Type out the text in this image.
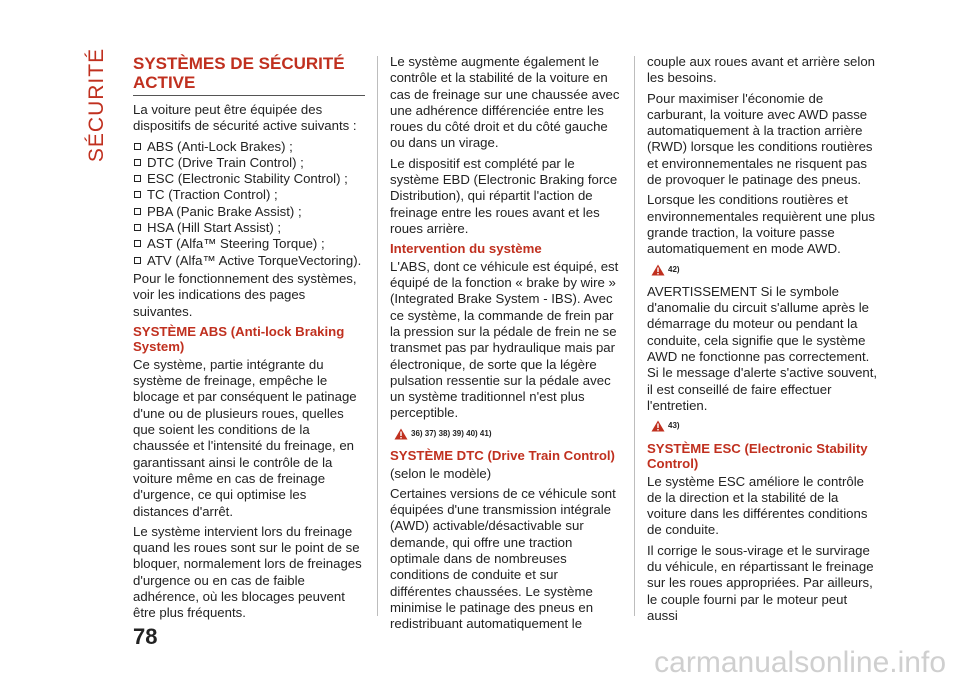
SÉCURITÉ SYSTÈMES DE SÉCURITÉ ACTIVE

La voiture peut être équipée des dispositifs de sécurité active suivants :

ABS (Anti-Lock Brakes) ;
DTC (Drive Train Control) ;
ESC (Electronic Stability Control) ;
TC (Traction Control) ;
PBA (Panic Brake Assist) ;
HSA (Hill Start Assist) ;
AST (Alfa™ Steering Torque) ;
ATV (Alfa™ Active TorqueVectoring).

Pour le fonctionnement des systèmes, voir les indications des pages suivantes.

SYSTÈME ABS (Anti-lock Braking System)

Ce système, partie intégrante du système de freinage, empêche le blocage et par conséquent le patinage d'une ou de plusieurs roues, quelles que soient les conditions de la chaussée et l'intensité du freinage, en garantissant ainsi le contrôle de la voiture même en cas de freinage d'urgence, ce qui optimise les distances d'arrêt.

Le système intervient lors du freinage quand les roues sont sur le point de se bloquer, normalement lors de freinages d'urgence ou en cas de faible adhérence, où les blocages peuvent être plus fréquents.

Le système augmente également le contrôle et la stabilité de la voiture en cas de freinage sur une chaussée avec une adhérence différenciée entre les roues du côté droit et du côté gauche ou dans un virage.

Le dispositif est complété par le système EBD (Electronic Braking force Distribution), qui répartit l'action de freinage entre les roues avant et les roues arrière.

Intervention du système

L'ABS, dont ce véhicule est équipé, est équipé de la fonction « brake by wire » (Integrated Brake System - IBS). Avec ce système, la commande de frein par la pression sur la pédale de frein ne se transmet pas par hydraulique mais par électronique, de sorte que la légère pulsation ressentie sur la pédale avec un système traditionnel n'est plus perceptible.

36) 37) 38) 39) 40) 41)
SYSTÈME DTC (Drive Train Control)

(selon le modèle)

Certaines versions de ce véhicule sont équipées d'une transmission intégrale (AWD) activable/désactivable sur demande, qui offre une traction optimale dans de nombreuses conditions de conduite et sur différentes chaussées. Le système minimise le patinage des pneus en redistribuant automatiquement le

couple aux roues avant et arrière selon les besoins.

Pour maximiser l'économie de carburant, la voiture avec AWD passe automatiquement à la traction arrière (RWD) lorsque les conditions routières et environnementales ne risquent pas de provoquer le patinage des pneus.

Lorsque les conditions routières et environnementales requièrent une plus grande traction, la voiture passe automatiquement en mode AWD.

42)

AVERTISSEMENT Si le symbole d'anomalie du circuit s'allume après le démarrage du moteur ou pendant la conduite, cela signifie que le système AWD ne fonctionne pas correctement. Si le message d'alerte s'active souvent, il est conseillé de faire effectuer l'entretien.

43)
SYSTÈME ESC (Electronic Stability Control)

Le système ESC améliore le contrôle de la direction et la stabilité de la voiture dans les différentes conditions de conduite.

Il corrige le sous-virage et le survirage du véhicule, en répartissant le freinage sur les roues appropriées. Par ailleurs, le couple fourni par le moteur peut aussi

78
carmanualsonline.info
